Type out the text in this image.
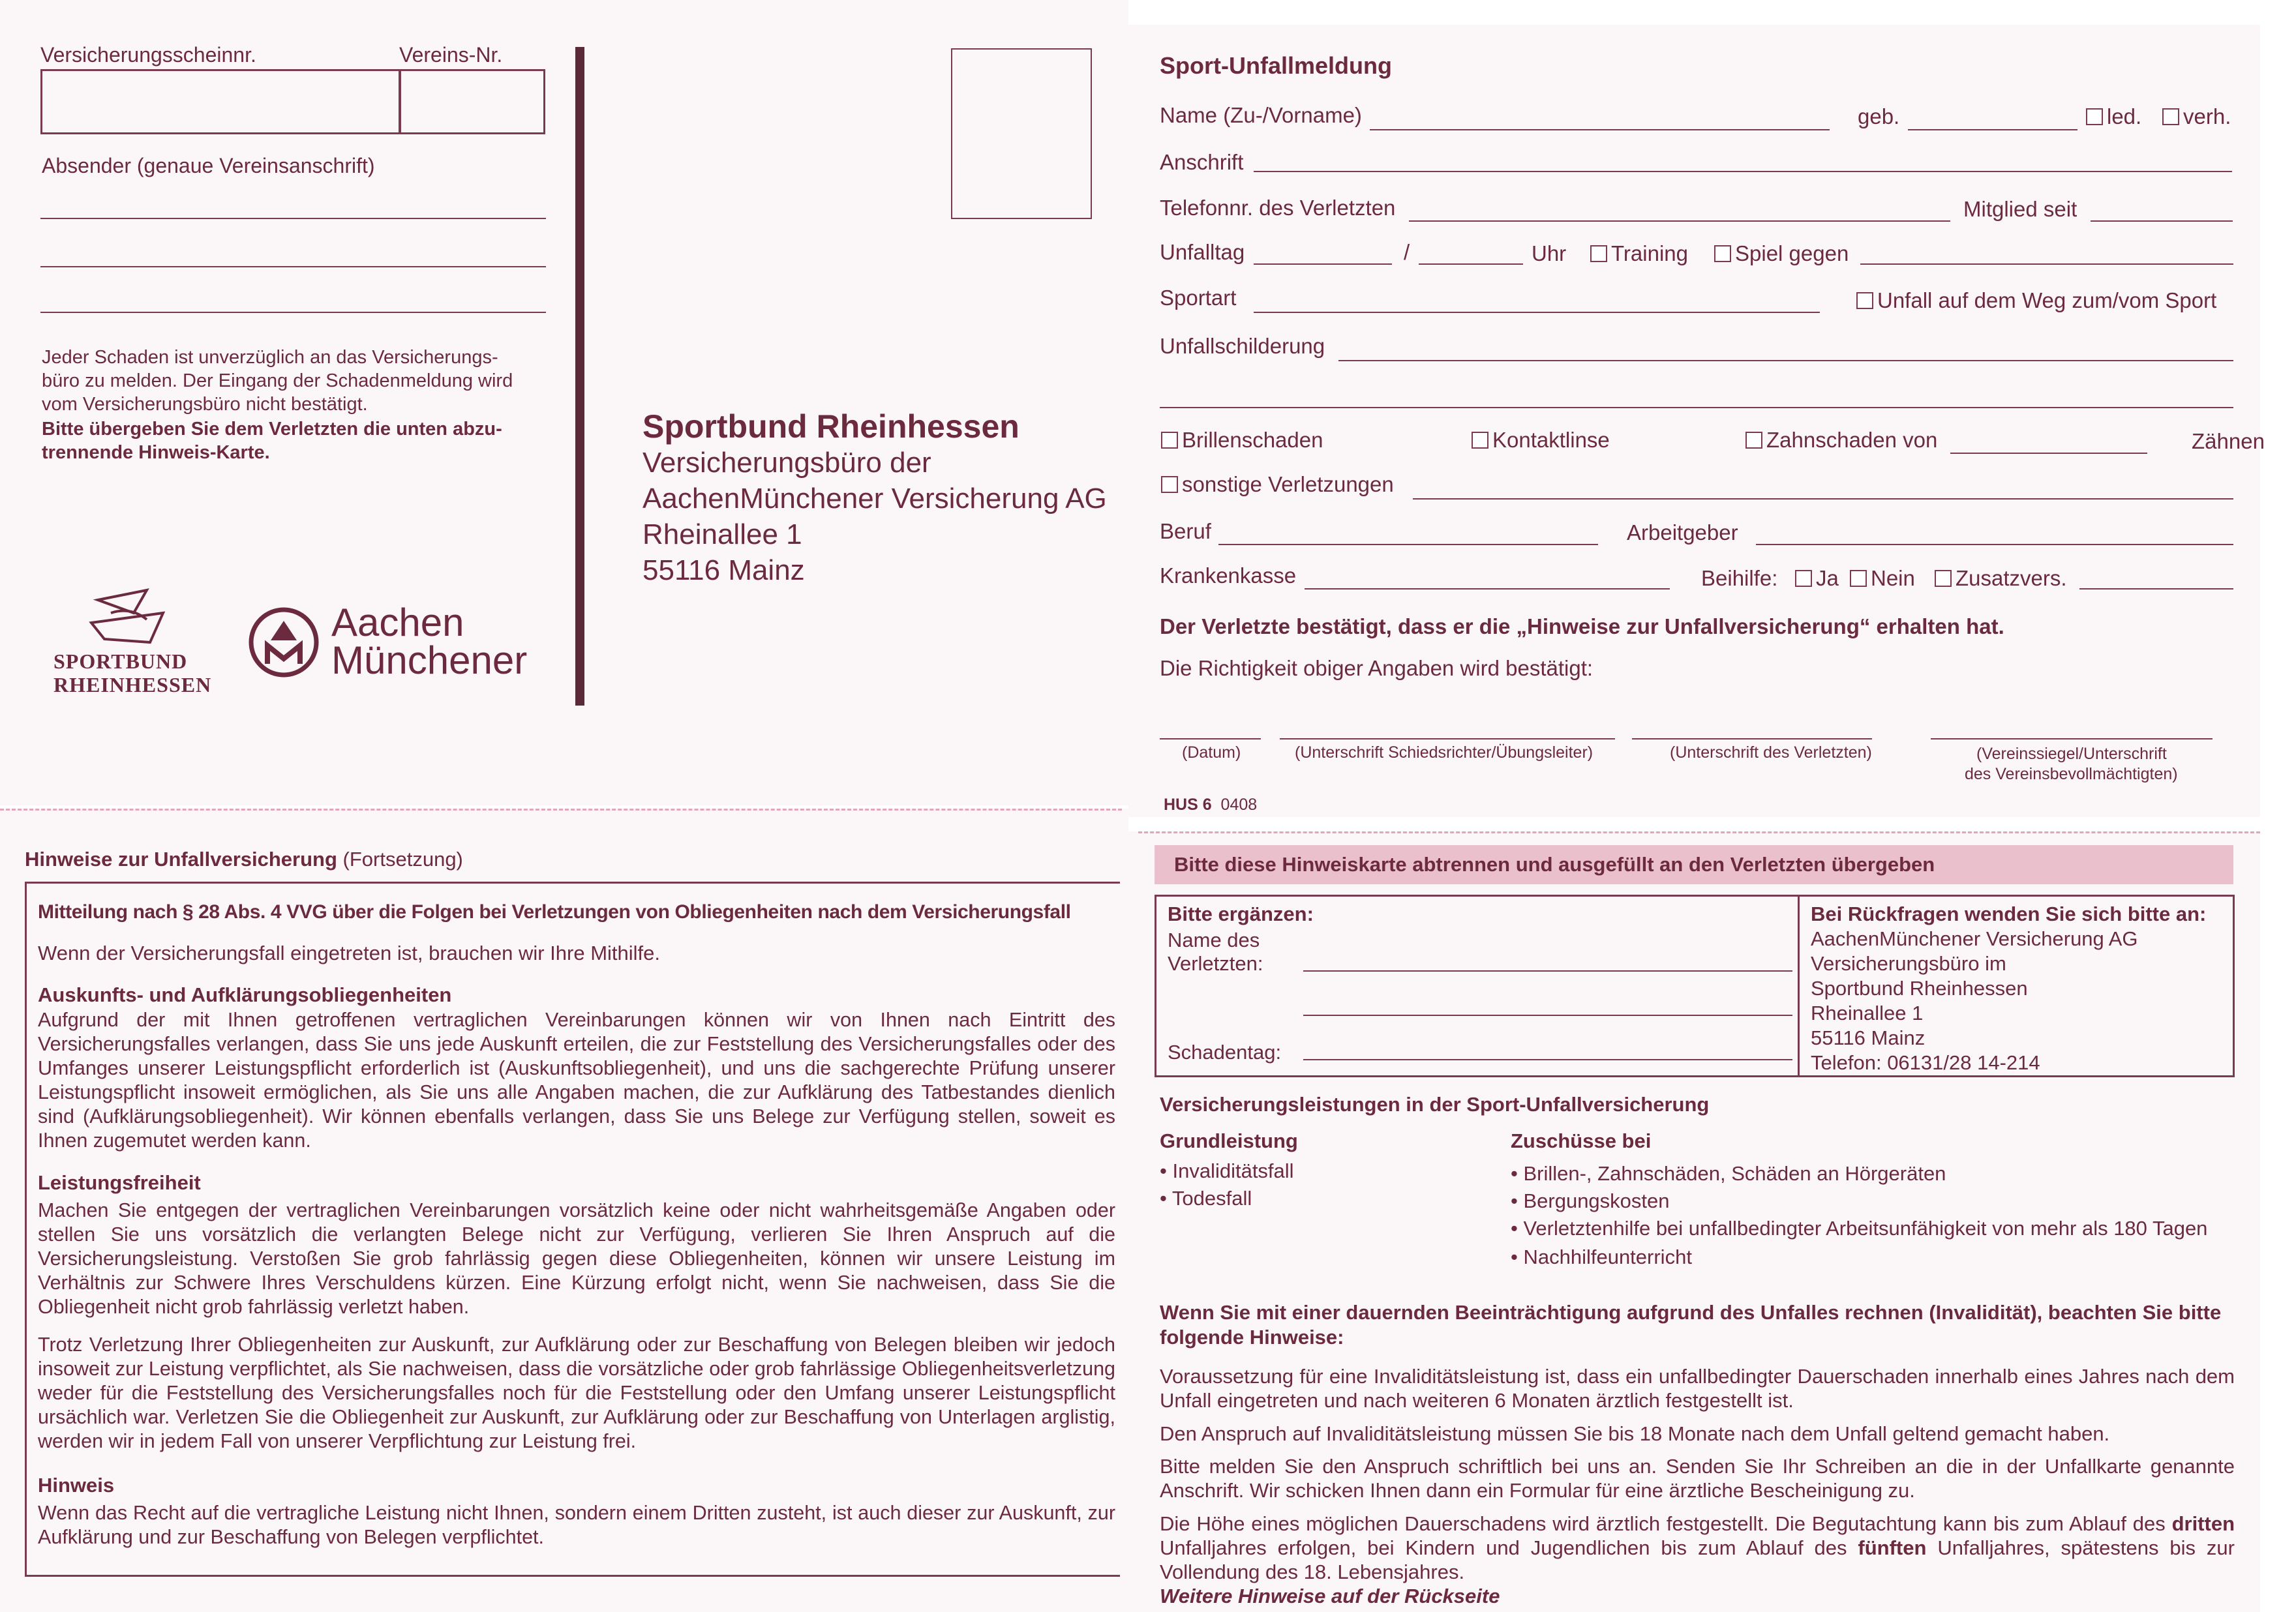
Versicherungsscheinnr.	Vereins-Nr.
Absender (genaue Vereinsanschrift)
Jeder Schaden ist unverzüglich an das Versicherungs-
büro zu melden. Der Eingang der Schadenmeldung wird
vom Versicherungsbüro nicht bestätigt.
Bitte übergeben Sie dem Verletzten die unten abzu-
trennende Hinweis-Karte.
SPORTBUND
RHEINHESSEN
Aachen
Münchener
Sportbund Rheinhessen
Versicherungsbüro der
AachenMünchener Versicherung AG
Rheinallee 1
55116 Mainz
Sport-Unfallmeldung
Name (Zu-/Vorname)	geb.	led.	verh.
Anschrift
Telefonnr. des Verletzten	Mitglied seit
Unfalltag	/	Uhr	Training	Spiel gegen
Sportart	Unfall auf dem Weg zum/vom Sport
Unfallschilderung
Brillenschaden	Kontaktlinse	Zahnschaden von	Zähnen
sonstige Verletzungen
Beruf	Arbeitgeber
Krankenkasse	Beihilfe:	Ja	Nein	Zusatzvers.
Der Verletzte bestätigt, dass er die „Hinweise zur Unfallversicherung“ erhalten hat.
Die Richtigkeit obiger Angaben wird bestätigt:
(Datum)	(Unterschrift Schiedsrichter/Übungsleiter)	(Unterschrift des Verletzten)	(Vereinssiegel/Unterschrift
des Vereinsbevollmächtigten)
HUS 6 0408
Hinweise zur Unfallversicherung (Fortsetzung)
Mitteilung nach § 28 Abs. 4 VVG über die Folgen bei Verletzungen von Obliegenheiten nach dem Versicherungsfall
Wenn der Versicherungsfall eingetreten ist, brauchen wir Ihre Mithilfe.
Auskunfts- und Aufklärungsobliegenheiten
Aufgrund der mit Ihnen getroffenen vertraglichen Vereinbarungen können wir von Ihnen nach Eintritt des Versicherungsfalles verlangen, dass Sie uns jede Auskunft erteilen, die zur Feststellung des Versicherungsfalles oder des Umfanges unserer Leistungspflicht erforderlich ist (Auskunftsobliegenheit), und uns die sachgerechte Prüfung unserer Leistungspflicht insoweit ermöglichen, als Sie uns alle Angaben machen, die zur Aufklärung des Tatbestandes dienlich sind (Aufklärungsobliegenheit). Wir können ebenfalls verlangen, dass Sie uns Belege zur Verfügung stellen, soweit es Ihnen zugemutet werden kann.
Leistungsfreiheit
Machen Sie entgegen der vertraglichen Vereinbarungen vorsätzlich keine oder nicht wahrheitsgemäße Angaben oder stellen Sie uns vorsätzlich die verlangten Belege nicht zur Verfügung, verlieren Sie Ihren Anspruch auf die Versicherungsleistung. Verstoßen Sie grob fahrlässig gegen diese Obliegenheiten, können wir unsere Leistung im Verhältnis zur Schwere Ihres Verschuldens kürzen. Eine Kürzung erfolgt nicht, wenn Sie nachweisen, dass Sie die Obliegenheit nicht grob fahrlässig verletzt haben.
Trotz Verletzung Ihrer Obliegenheiten zur Auskunft, zur Aufklärung oder zur Beschaffung von Belegen bleiben wir jedoch insoweit zur Leistung verpflichtet, als Sie nachweisen, dass die vorsätzliche oder grob fahrlässige Obliegenheitsverletzung weder für die Feststellung des Versicherungsfalles noch für die Feststellung oder den Umfang unserer Leistungspflicht ursächlich war. Verletzen Sie die Obliegenheit zur Auskunft, zur Aufklärung oder zur Beschaffung von Unterlagen arglistig, werden wir in jedem Fall von unserer Verpflichtung zur Leistung frei.
Hinweis
Wenn das Recht auf die vertragliche Leistung nicht Ihnen, sondern einem Dritten zusteht, ist auch dieser zur Auskunft, zur Aufklärung und zur Beschaffung von Belegen verpflichtet.
Bitte diese Hinweiskarte abtrennen und ausgefüllt an den Verletzten übergeben
Bitte ergänzen:
Name des
Verletzten:
Schadentag:
Bei Rückfragen wenden Sie sich bitte an:
AachenMünchener Versicherung AG
Versicherungsbüro im
Sportbund Rheinhessen
Rheinallee 1
55116 Mainz
Telefon: 06131/28 14-214
Versicherungsleistungen in der Sport-Unfallversicherung
Grundleistung
• Invaliditätsfall
• Todesfall
Zuschüsse bei
• Brillen-, Zahnschäden, Schäden an Hörgeräten
• Bergungskosten
• Verletztenhilfe bei unfallbedingter Arbeitsunfähigkeit von mehr als 180 Tagen
• Nachhilfeunterricht
Wenn Sie mit einer dauernden Beeinträchtigung aufgrund des Unfalles rechnen (Invalidität), beachten Sie bitte folgende Hinweise:
Voraussetzung für eine Invaliditätsleistung ist, dass ein unfallbedingter Dauerschaden innerhalb eines Jahres nach dem Unfall eingetreten und nach weiteren 6 Monaten ärztlich festgestellt ist.
Den Anspruch auf Invaliditätsleistung müssen Sie bis 18 Monate nach dem Unfall geltend gemacht haben.
Bitte melden Sie den Anspruch schriftlich bei uns an. Senden Sie Ihr Schreiben an die in der Unfallkarte genannte Anschrift. Wir schicken Ihnen dann ein Formular für eine ärztliche Bescheinigung zu.
Die Höhe eines möglichen Dauerschadens wird ärztlich festgestellt. Die Begutachtung kann bis zum Ablauf des dritten Unfalljahres erfolgen, bei Kindern und Jugendlichen bis zum Ablauf des fünften Unfalljahres, spätestens bis zur Vollendung des 18. Lebensjahres.
Weitere Hinweise auf der Rückseite
